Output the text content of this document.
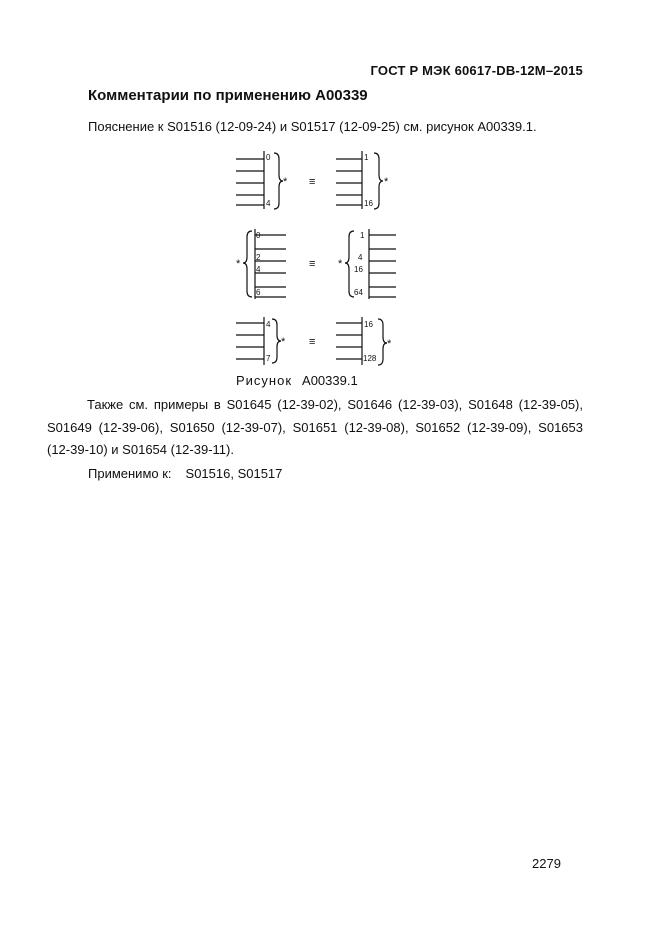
ГОСТ Р МЭК 60617-DB-12M–2015
Комментарии по применению А00339
Пояснение к S01516 (12-09-24) и S01517 (12-09-25) см. рисунок А00339.1.
0
4
1
16
0
2
4
6
1
4
16
64
4
7
16
128
*	*
*	*
*	*
≡
≡
≡
Рисунок А00339.1
Также см. примеры в S01645 (12-39-02), S01646 (12-39-03), S01648 (12-39-05),
S01649 (12-39-06), S01650 (12-39-07), S01651 (12-39-08), S01652 (12-39-09), S01653
(12-39-10) и S01654 (12-39-11).
Применимо к: S01516, S01517
2279
